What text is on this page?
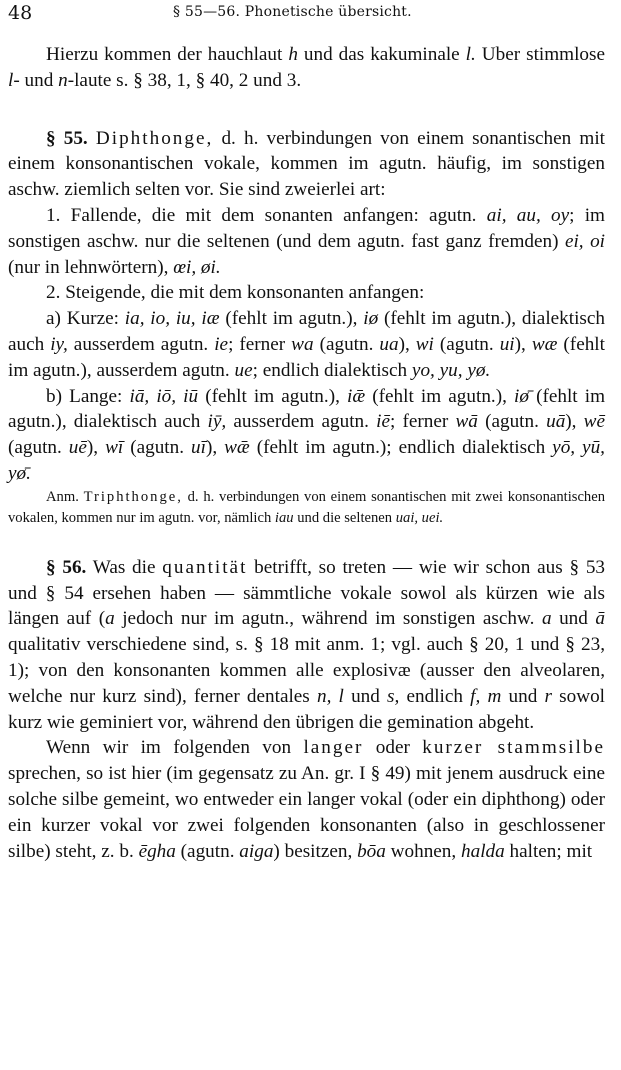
48	§ 55—56. Phonetische übersicht.

Hierzu kommen der hauchlaut h und das kakuminale l. Uber stimmlose l- und n-laute s. § 38, 1, § 40, 2 und 3.

§ 55. Diphthonge, d. h. verbindungen von einem sonantischen mit einem konsonantischen vokale, kommen im agutn. häufig, im sonstigen aschw. ziemlich selten vor. Sie sind zweierlei art:

1. Fallende, die mit dem sonanten anfangen: agutn. ai, au, oy; im sonstigen aschw. nur die seltenen (und dem agutn. fast ganz fremden) ei, oi (nur in lehnwörtern), œi, øi.

2. Steigende, die mit dem konsonanten anfangen:

a) Kurze: ia, io, iu, iæ (fehlt im agutn.), iø (fehlt im agutn.), dialektisch auch iy, ausserdem agutn. ie; ferner wa (agutn. ua), wi (agutn. ui), wæ (fehlt im agutn.), ausserdem agutn. ue; endlich dialektisch yo, yu, yø.

b) Lange: iā, iō, iū (fehlt im agutn.), iǣ (fehlt im agutn.), iø̄ (fehlt im agutn.), dialektisch auch iȳ, ausserdem agutn. iē; ferner wā (agutn. uā), wē (agutn. uē), wī (agutn. uī), wǣ (fehlt im agutn.); endlich dialektisch yō, yū, yø̄.

Anm. Triphthonge, d. h. verbindungen von einem sonantischen mit zwei konsonantischen vokalen, kommen nur im agutn. vor, nämlich iau und die seltenen uai, uei.

§ 56. Was die quantität betrifft, so treten — wie wir schon aus § 53 und § 54 ersehen haben — sämmtliche vokale sowol als kürzen wie als längen auf (a jedoch nur im agutn., während im sonstigen aschw. a und ā qualitativ verschiedene sind, s. § 18 mit anm. 1; vgl. auch § 20, 1 und § 23, 1); von den konsonanten kommen alle explosivæ (ausser den alveolaren, welche nur kurz sind), ferner dentales n, l und s, endlich f, m und r sowol kurz wie geminiert vor, während den übrigen die gemination abgeht.

Wenn wir im folgenden von langer oder kurzer stammsilbe sprechen, so ist hier (im gegensatz zu An. gr. I § 49) mit jenem ausdruck eine solche silbe gemeint, wo entweder ein langer vokal (oder ein diphthong) oder ein kurzer vokal vor zwei folgenden konsonanten (also in geschlossener silbe) steht, z. b. ēgha (agutn. aiga) besitzen, bōa wohnen, halda halten; mit
